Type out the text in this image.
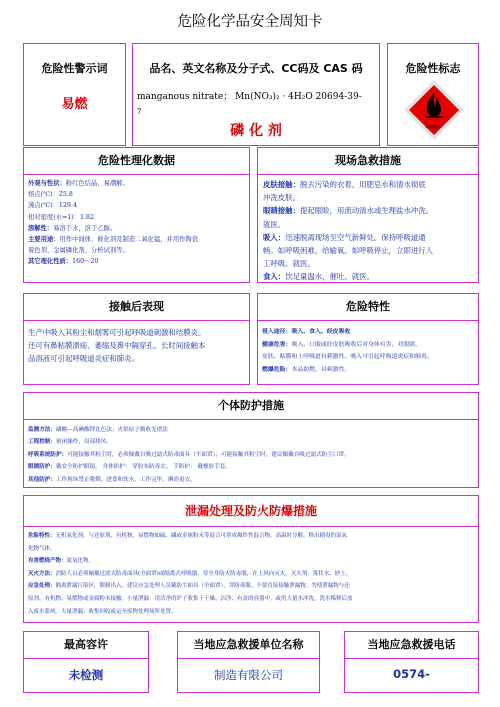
危险化学品安全周知卡
危险性警示词
易燃
品名、英文名称及分子式、CC码及 CAS 码
manganous nitrate； Mn(NO₃)₂ · 4H₂O 20694-39-
7
磷 化 剂
危险性标志
易燃液体
危险性理化数据
外观与性状：粉红色结晶，易潮解。
熔点(℃)：25.8
沸点(℃)：129.4
相对密度(水=1)：1.82
溶解性：易溶于水，溶于乙醇。
主要用途：用作中间体、催化剂及制造二氧化锰，并用作陶瓷
着色剂、金属磷化剂、分析试剂等。
其它理化性质：160～20
现场急救措施
皮肤接触：脱去污染的衣着，用肥皂水和清水彻底
冲洗皮肤。
眼睛接触：提起眼睑，用流动清水或生理盐水冲洗。
就医。
吸入：迅速脱离现场至空气新鲜处。保持呼吸道通
畅。如呼吸困难，给输氧。如呼吸停止，立即进行人
工呼吸。就医。
食入：饮足量温水，催吐。就医。
接触后表现
生产中吸入其粉尘和烟雾可引起呼吸道刺激和结膜炎。
还可有鼻粘膜溃疡、萎缩及鼻中隔穿孔。长时间接触本
品溶液可引起呼吸道炎症和肺炎。
危险特性
侵入途径：吸入、食入、经皮吸收
健康危害：吸入、口服或经皮肤吸收后对身体有害。对眼睛、
皮肤、粘膜和上呼吸道有刺激性。吸入可引起呼吸道炎症和肺炎。
燃爆危险：本品助燃，具刺激性。
个体防护措施
监测方法：磷酸—高碘酸钾比色法；火焰原子吸收光谱法
工程控制：密闭操作，局部排风。
呼吸系统防护：可能接触其粉尘时，必须佩戴自吸过滤式防毒面具（半面罩）；可能接触其粉尘时，建议佩戴自吸过滤式防尘口罩。
眼睛防护：戴安全防护眼镜。 身体防护： 穿胶布防毒衣。 手防护： 戴橡胶手套。
其他防护：工作现场禁止吸烟、进食和饮水。工作完毕，淋浴更衣。
泄漏处理及防火防爆措施
危险特性：无机氧化剂。与还原剂、有机物、易燃物如硫、磷或金属粉末等混合可形成爆炸性混合物。高温时分解，释出剧毒的氮氧
化物气体。
有害燃烧产物：氮氧化物。
灭火方法：消防人员必须佩戴过滤式防毒面具(全面罩)或隔离式呼吸器、穿全身防火防毒服，在上风向灭火。灭火剂：雾状水、砂土。
应急处理：隔离泄漏污染区，限制出入。建议应急处理人员戴防尘面具（全面罩），穿防毒服。不要直接接触泄漏物。勿使泄漏物与还
原剂、有机物、易燃物或金属粉末接触。小量泄漏：用洁净的铲子收集于干燥、洁净、有盖的容器中。或用大量水冲洗，洗水稀释后放
入废水系统。大量泄漏：收集回收或运至废物处理场所处置。
最高容许
未检测
当地应急救援单位名称
制造有限公司
当地应急救援电话
0574-
